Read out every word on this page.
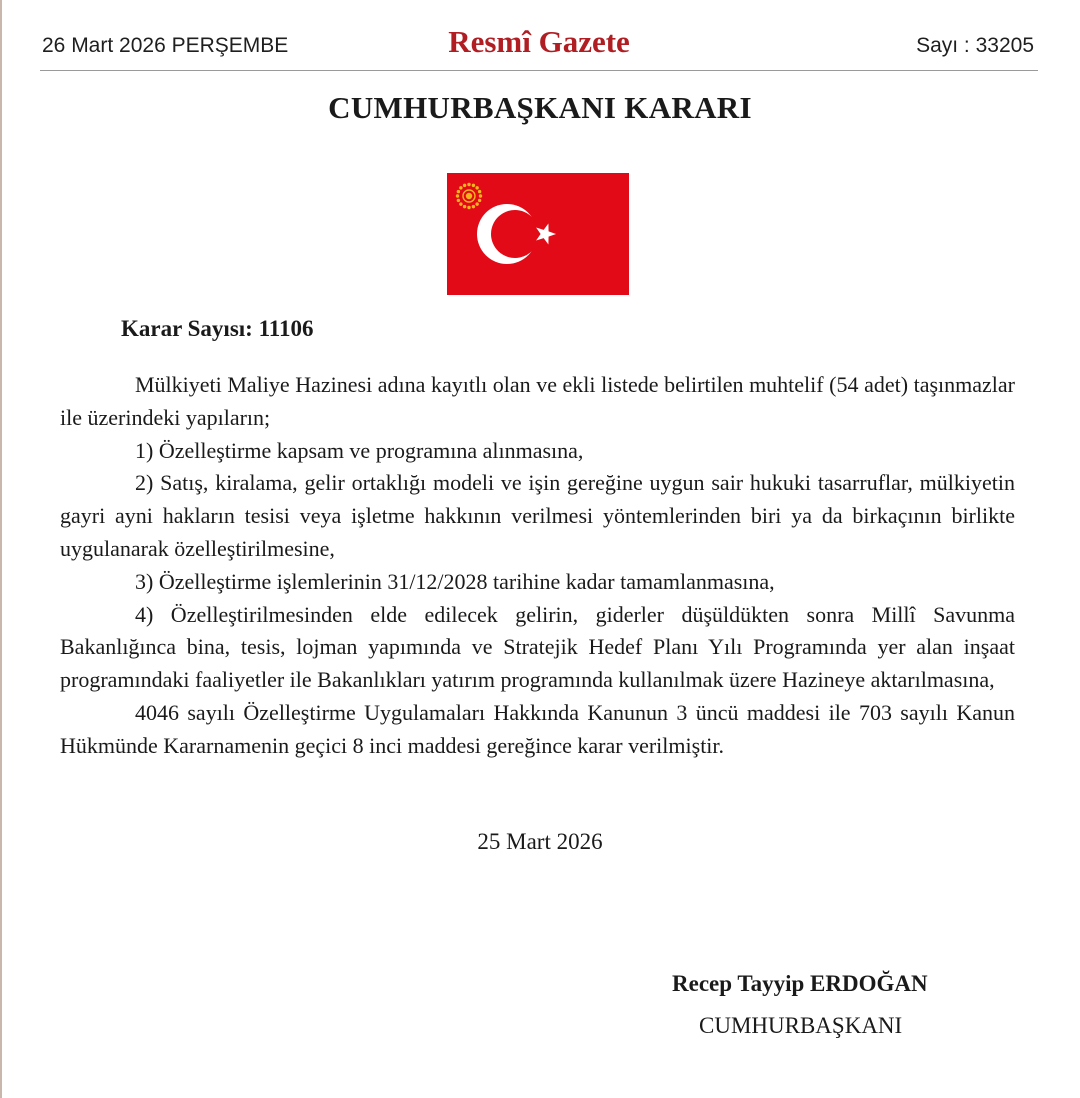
26 Mart 2026 PERŞEMBE	Resmî Gazete	Sayı : 33205
CUMHURBAŞKANI KARARI
Karar Sayısı: 11106

Mülkiyeti Maliye Hazinesi adına kayıtlı olan ve ekli listede belirtilen muhtelif (54 adet) taşınmazlar ile üzerindeki yapıların;

1) Özelleştirme kapsam ve programına alınmasına,

2) Satış, kiralama, gelir ortaklığı modeli ve işin gereğine uygun sair hukuki tasarruflar, mülkiyetin gayri ayni hakların tesisi veya işletme hakkının verilmesi yöntemlerinden biri ya da birkaçının birlikte uygulanarak özelleştirilmesine,

3) Özelleştirme işlemlerinin 31/12/2028 tarihine kadar tamamlanmasına,

4) Özelleştirilmesinden elde edilecek gelirin, giderler düşüldükten sonra Millî Savunma Bakanlığınca bina, tesis, lojman yapımında ve Stratejik Hedef Planı Yılı Programında yer alan inşaat programındaki faaliyetler ile Bakanlıkları yatırım programında kullanılmak üzere Hazineye aktarılmasına,

4046 sayılı Özelleştirme Uygulamaları Hakkında Kanunun 3 üncü maddesi ile 703 sayılı Kanun Hükmünde Kararnamenin geçici 8 inci maddesi gereğince karar verilmiştir.

25 Mart 2026
Recep Tayyip ERDOĞAN
CUMHURBAŞKANI
